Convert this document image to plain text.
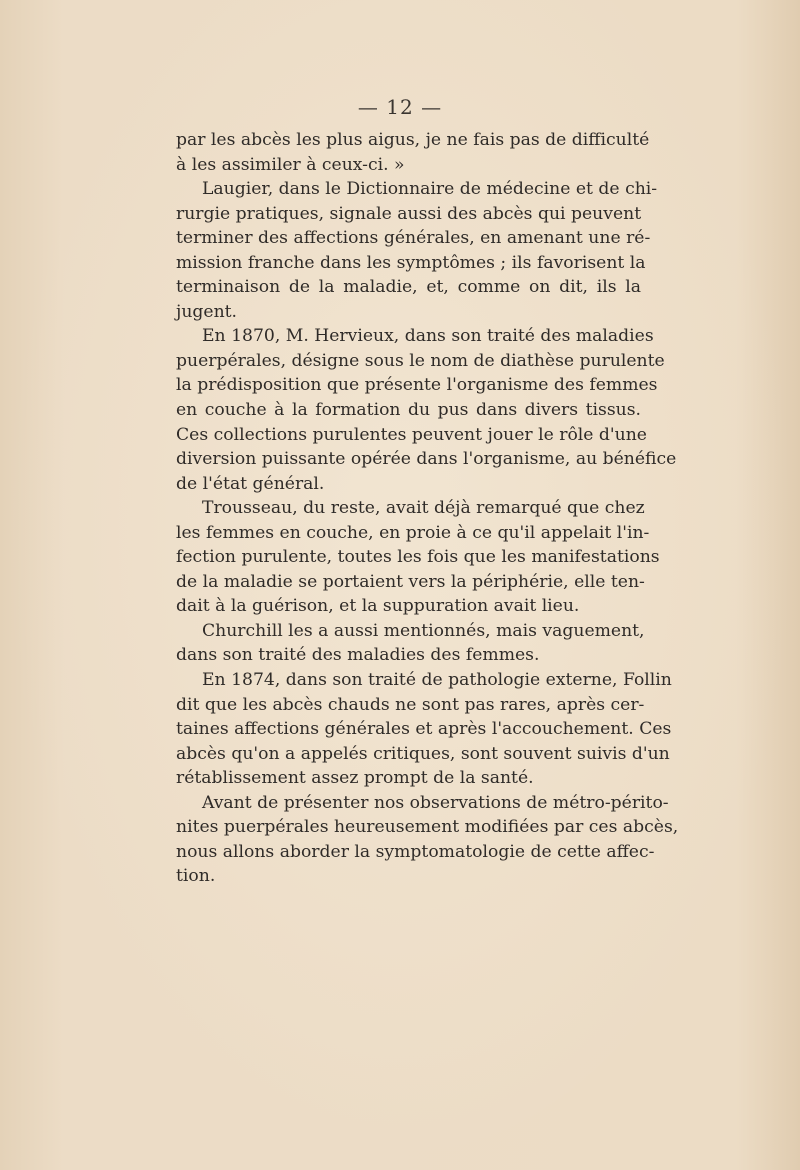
— 12 —
par les abcès les plus aigus, je ne fais pas de difficulté
à les assimiler à ceux-ci. »
Laugier, dans le Dictionnaire de médecine et de chi-
rurgie pratiques, signale aussi des abcès qui peuvent
terminer des affections générales, en amenant une ré-
mission franche dans les symptômes ; ils favorisent la
terminaison de la maladie, et, comme on dit, ils la
jugent.
En 1870, M. Hervieux, dans son traité des maladies
puerpérales, désigne sous le nom de diathèse purulente
la prédisposition que présente l'organisme des femmes
en couche à la formation du pus dans divers tissus.
Ces collections purulentes peuvent jouer le rôle d'une
diversion puissante opérée dans l'organisme, au bénéfice
de l'état général.
Trousseau, du reste, avait déjà remarqué que chez
les femmes en couche, en proie à ce qu'il appelait l'in-
fection purulente, toutes les fois que les manifestations
de la maladie se portaient vers la périphérie, elle ten-
dait à la guérison, et la suppuration avait lieu.
Churchill les a aussi mentionnés, mais vaguement,
dans son traité des maladies des femmes.
En 1874, dans son traité de pathologie externe, Follin
dit que les abcès chauds ne sont pas rares, après cer-
taines affections générales et après l'accouchement. Ces
abcès qu'on a appelés critiques, sont souvent suivis d'un
rétablissement assez prompt de la santé.
Avant de présenter nos observations de métro-périto-
nites puerpérales heureusement modifiées par ces abcès,
nous allons aborder la symptomatologie de cette affec-
tion.
